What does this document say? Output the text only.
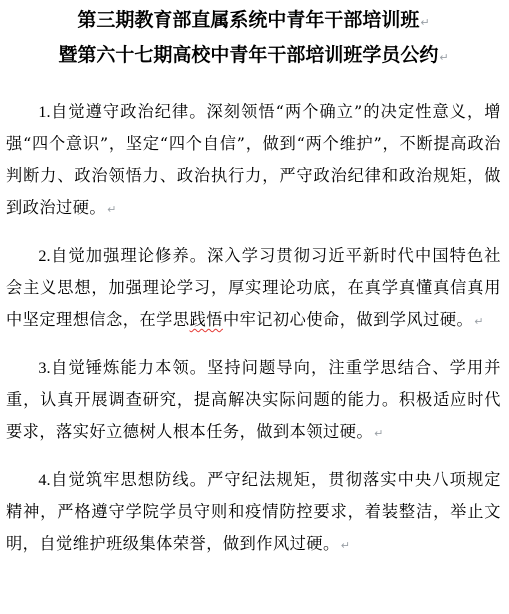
第三期教育部直属系统中青年干部培训班↵
暨第六十七期高校中青年干部培训班学员公约↵

1.自觉遵守政治纪律。深刻领悟“两个确立”的决定性意义，增强“四个意识”，坚定“四个自信”，做到“两个维护”，不断提高政治判断力、政治领悟力、政治执行力，严守政治纪律和政治规矩，做到政治过硬。↵

2.自觉加强理论修养。深入学习贯彻习近平新时代中国特色社会主义思想，加强理论学习，厚实理论功底，在真学真懂真信真用中坚定理想信念，在学思践悟中牢记初心使命，做到学风过硬。↵

3.自觉锤炼能力本领。坚持问题导向，注重学思结合、学用并重，认真开展调查研究，提高解决实际问题的能力。积极适应时代要求，落实好立德树人根本任务，做到本领过硬。↵

4.自觉筑牢思想防线。严守纪法规矩，贯彻落实中央八项规定精神，严格遵守学院学员守则和疫情防控要求，着装整洁，举止文明，自觉维护班级集体荣誉，做到作风过硬。↵
